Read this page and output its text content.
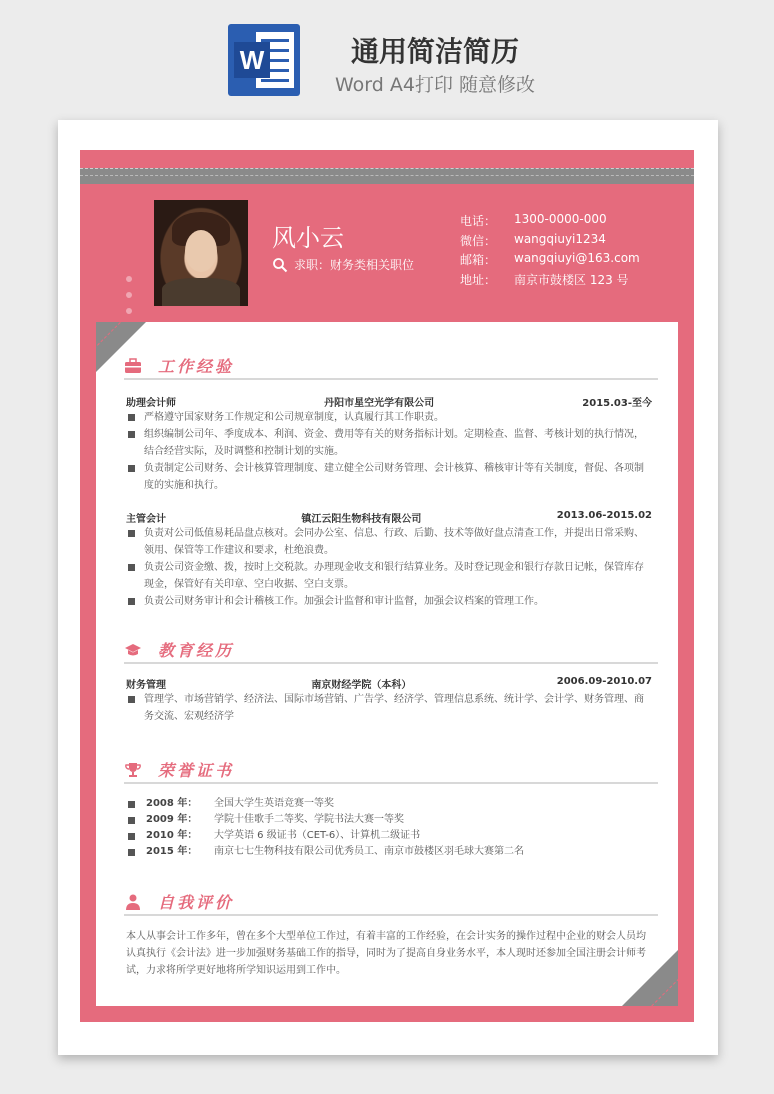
W	通用简洁简历
Word A4打印 随意修改
风小云
求职：财务类相关职位
电话：	1300-0000-000
微信：	wangqiuyi1234
邮箱：	wangqiuyi@163.com
地址：	南京市鼓楼区 123 号
工作经验
助理会计师	丹阳市星空光学有限公司	2015.03-至今
严格遵守国家财务工作规定和公司规章制度，认真履行其工作职责。
组织编制公司年、季度成本、利润、资金、费用等有关的财务指标计划。定期检查、监督、考核计划的执行情况，结合经营实际，及时调整和控制计划的实施。
负责制定公司财务、会计核算管理制度、建立健全公司财务管理、会计核算、稽核审计等有关制度，督促、各项制度的实施和执行。
主管会计	镇江云阳生物科技有限公司	2013.06-2015.02
负责对公司低值易耗品盘点核对。会同办公室、信息、行政、后勤、技术等做好盘点清查工作，并提出日常采购、领用、保管等工作建议和要求，杜绝浪费。
负责公司资金缴、拨，按时上交税款。办理现金收支和银行结算业务。及时登记现金和银行存款日记帐，保管库存现金，保管好有关印章、空白收据、空白支票。
负责公司财务审计和会计稽核工作。加强会计监督和审计监督，加强会议档案的管理工作。
教育经历
财务管理	南京财经学院（本科）	2006.09-2010.07
管理学、市场营销学、经济法、国际市场营销、广告学、经济学、管理信息系统、统计学、会计学、财务管理、商务交流、宏观经济学
荣誉证书
2008 年：	全国大学生英语竞赛一等奖
2009 年：	学院十佳歌手二等奖、学院书法大赛一等奖
2010 年：	大学英语 6 级证书（CET-6）、计算机二级证书
2015 年：	南京七七生物科技有限公司优秀员工、南京市鼓楼区羽毛球大赛第二名
自我评价
本人从事会计工作多年，曾在多个大型单位工作过，有着丰富的工作经验，在会计实务的操作过程中企业的财会人员均认真执行《会计法》进一步加强财务基础工作的指导，同时为了提高自身业务水平，本人现时还参加全国注册会计师考试，力求将所学更好地将所学知识运用到工作中。
